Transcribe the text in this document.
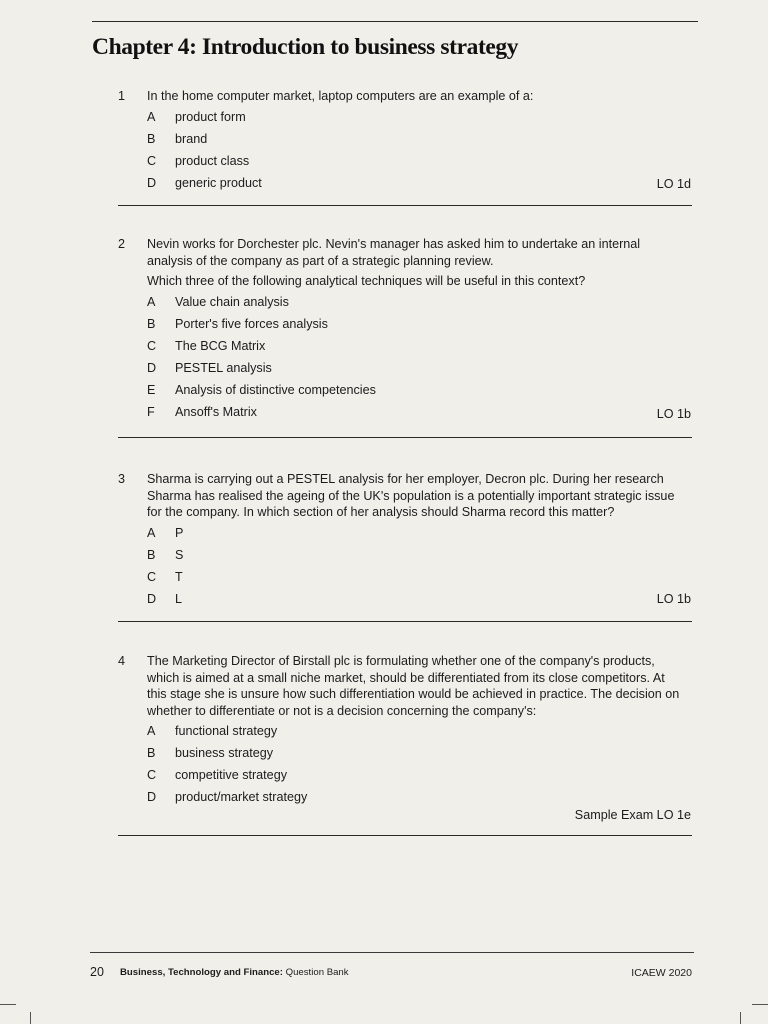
Chapter 4: Introduction to business strategy
1	In the home computer market, laptop computers are an example of a:

A	product form
B	brand
C	product class
D	generic product	LO 1d
2	Nevin works for Dorchester plc. Nevin's manager has asked him to undertake an internal analysis of the company as part of a strategic planning review.

Which three of the following analytical techniques will be useful in this context?

A	Value chain analysis
B	Porter's five forces analysis
C	The BCG Matrix
D	PESTEL analysis
E	Analysis of distinctive competencies
F	Ansoff's Matrix	LO 1b
3	Sharma is carrying out a PESTEL analysis for her employer, Decron plc. During her research Sharma has realised the ageing of the UK's population is a potentially important strategic issue for the company. In which section of her analysis should Sharma record this matter?

A	P
B	S
C	T
D	L	LO 1b
4	The Marketing Director of Birstall plc is formulating whether one of the company's products, which is aimed at a small niche market, should be differentiated from its close competitors. At this stage she is unsure how such differentiation would be achieved in practice. The decision on whether to differentiate or not is a decision concerning the company's:

A	functional strategy
B	business strategy
C	competitive strategy
D	product/market strategy
Sample Exam LO 1e
20 Business, Technology and Finance: Question Bank	ICAEW 2020
